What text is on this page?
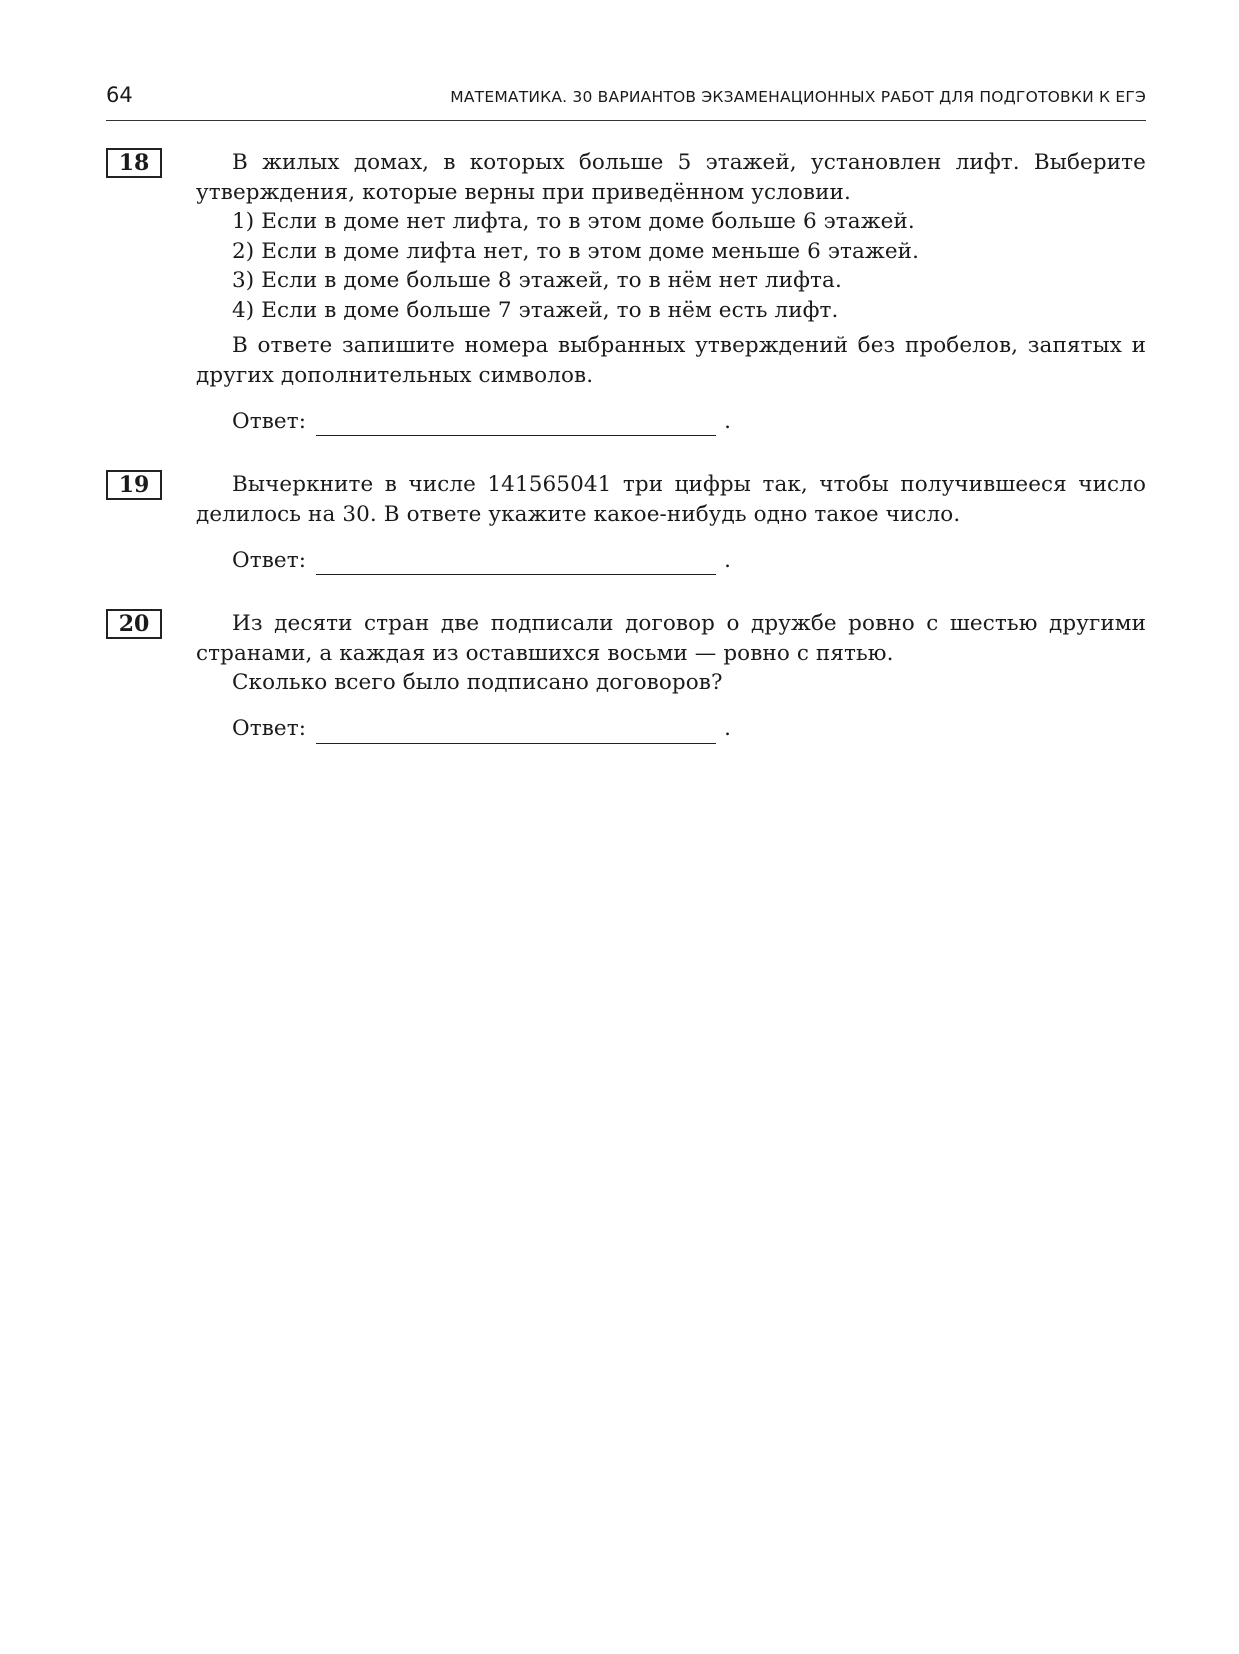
64	МАТЕМАТИКА. 30 ВАРИАНТОВ ЭКЗАМЕНАЦИОННЫХ РАБОТ ДЛЯ ПОДГОТОВКИ К ЕГЭ
18	В жилых домах, в которых больше 5 этажей, установлен лифт. Выберите утверждения, которые верны при приведённом условии.

1) Если в доме нет лифта, то в этом доме больше 6 этажей.
2) Если в доме лифта нет, то в этом доме меньше 6 этажей.
3) Если в доме больше 8 этажей, то в нём нет лифта.
4) Если в доме больше 7 этажей, то в нём есть лифт.

В ответе запишите номера выбранных утверждений без пробелов, запятых и других дополнительных символов.

Ответ:	.
19	Вычеркните в числе 141565041 три цифры так, чтобы получившееся число делилось на 30. В ответе укажите какое-нибудь одно такое число.

Ответ:	.
20	Из десяти стран две подписали договор о дружбе ровно с шестью другими странами, а каждая из оставшихся восьми — ровно с пятью.

Сколько всего было подписано договоров?

Ответ:	.
